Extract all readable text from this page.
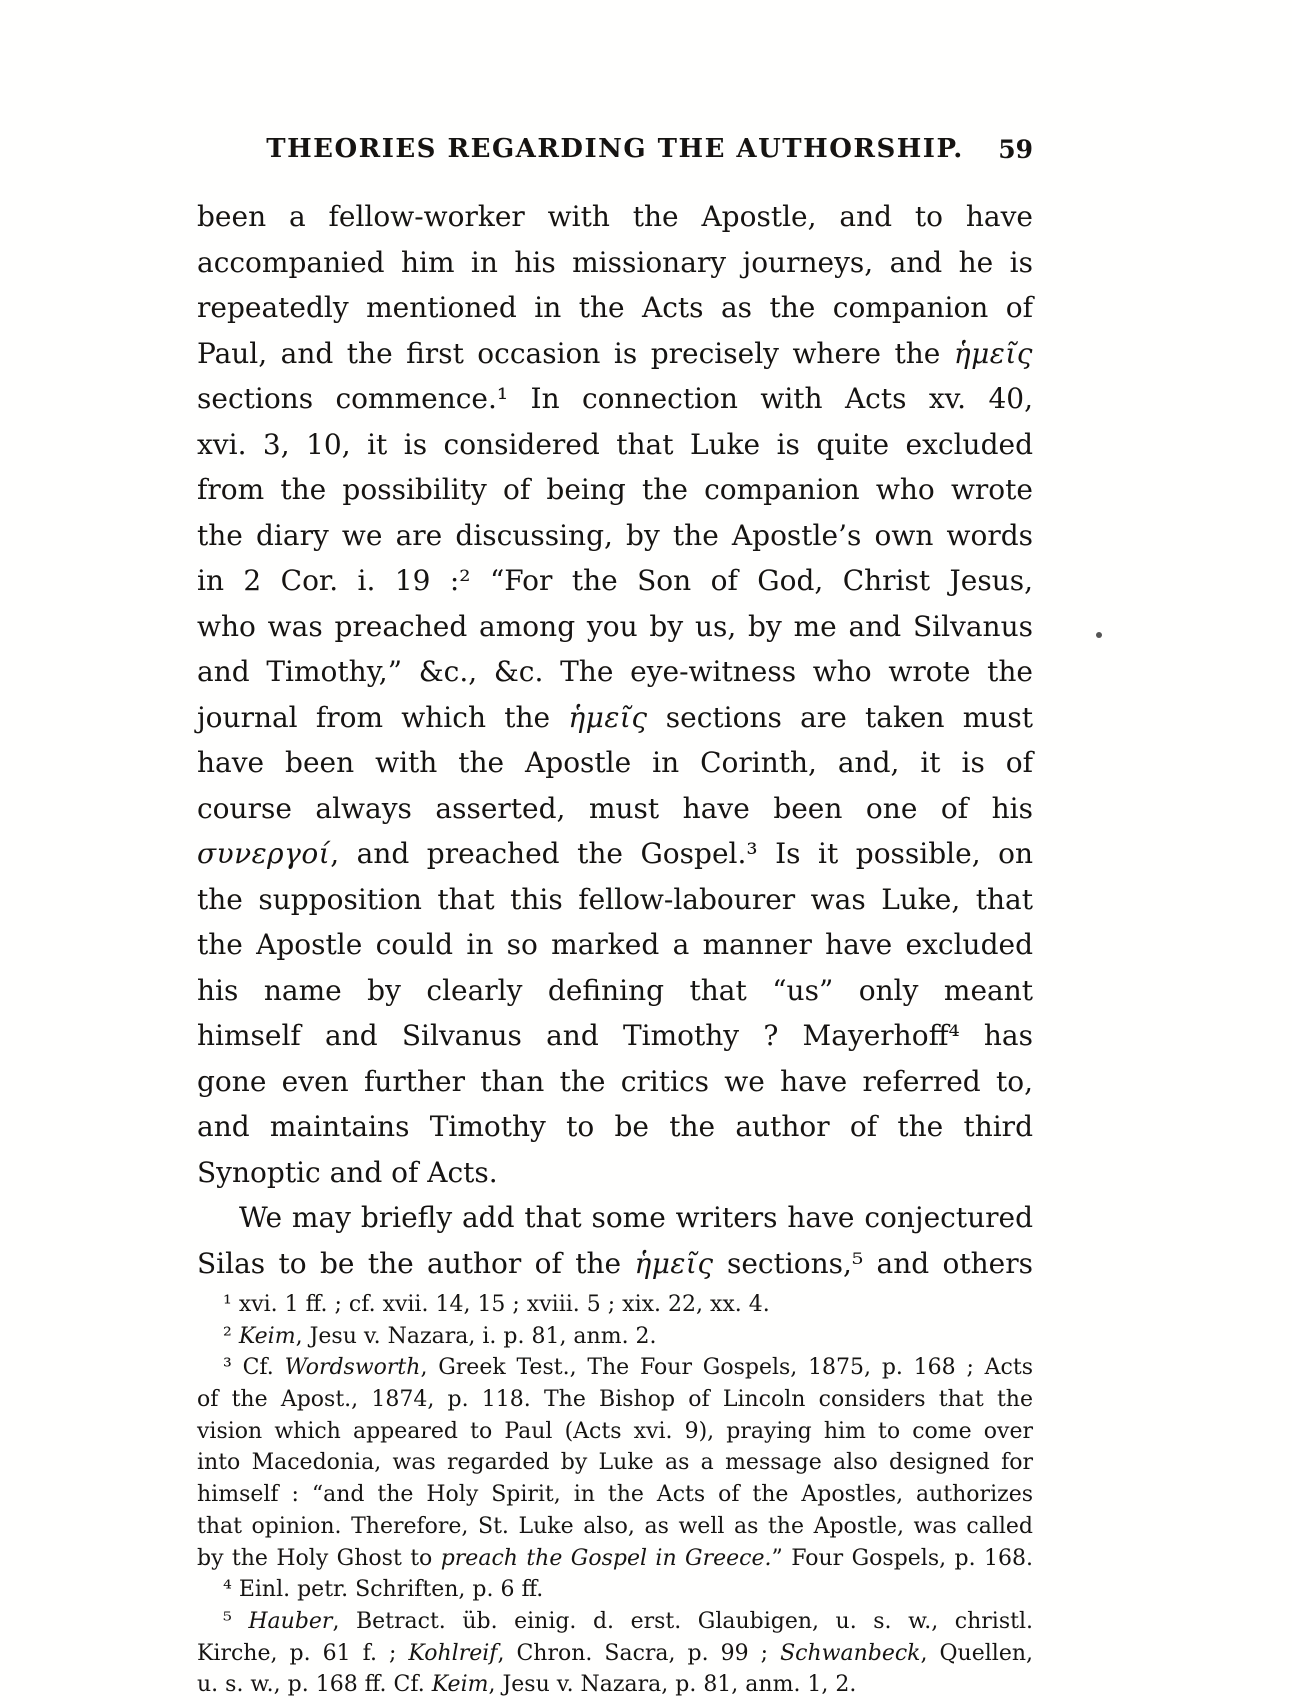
THEORIES REGARDING THE AUTHORSHIP.	59
been a fellow-worker with the Apostle, and to have
accompanied him in his missionary journeys, and he is
repeatedly mentioned in the Acts as the companion of
Paul, and the first occasion is precisely where the ἡμεῖς
sections commence.¹ In connection with Acts xv. 40,
xvi. 3, 10, it is considered that Luke is quite excluded
from the possibility of being the companion who wrote
the diary we are discussing, by the Apostle’s own words
in 2 Cor. i. 19 :² “For the Son of God, Christ Jesus,
who was preached among you by us, by me and Silvanus
and Timothy,” &c., &c. The eye-witness who wrote the
journal from which the ἡμεῖς sections are taken must
have been with the Apostle in Corinth, and, it is of
course always asserted, must have been one of his
συνεργοί, and preached the Gospel.³ Is it possible, on
the supposition that this fellow-labourer was Luke, that
the Apostle could in so marked a manner have excluded
his name by clearly defining that “us” only meant
himself and Silvanus and Timothy ? Mayerhoff⁴ has
gone even further than the critics we have referred to,
and maintains Timothy to be the author of the third
Synoptic and of Acts.
We may briefly add that some writers have conjectured
Silas to be the author of the ἡμεῖς sections,⁵ and others
¹ xvi. 1 ff. ; cf. xvii. 14, 15 ; xviii. 5 ; xix. 22, xx. 4.
² Keim, Jesu v. Nazara, i. p. 81, anm. 2.
³ Cf. Wordsworth, Greek Test., The Four Gospels, 1875, p. 168 ; Acts
of the Apost., 1874, p. 118. The Bishop of Lincoln considers that the
vision which appeared to Paul (Acts xvi. 9), praying him to come over
into Macedonia, was regarded by Luke as a message also designed for
himself : “and the Holy Spirit, in the Acts of the Apostles, authorizes
that opinion. Therefore, St. Luke also, as well as the Apostle, was called
by the Holy Ghost to preach the Gospel in Greece.” Four Gospels, p. 168.
⁴ Einl. petr. Schriften, p. 6 ff.
⁵ Hauber, Betract. üb. einig. d. erst. Glaubigen, u. s. w., christl.
Kirche, p. 61 f. ; Kohlreif, Chron. Sacra, p. 99 ; Schwanbeck, Quellen,
u. s. w., p. 168 ff. Cf. Keim, Jesu v. Nazara, p. 81, anm. 1, 2.
